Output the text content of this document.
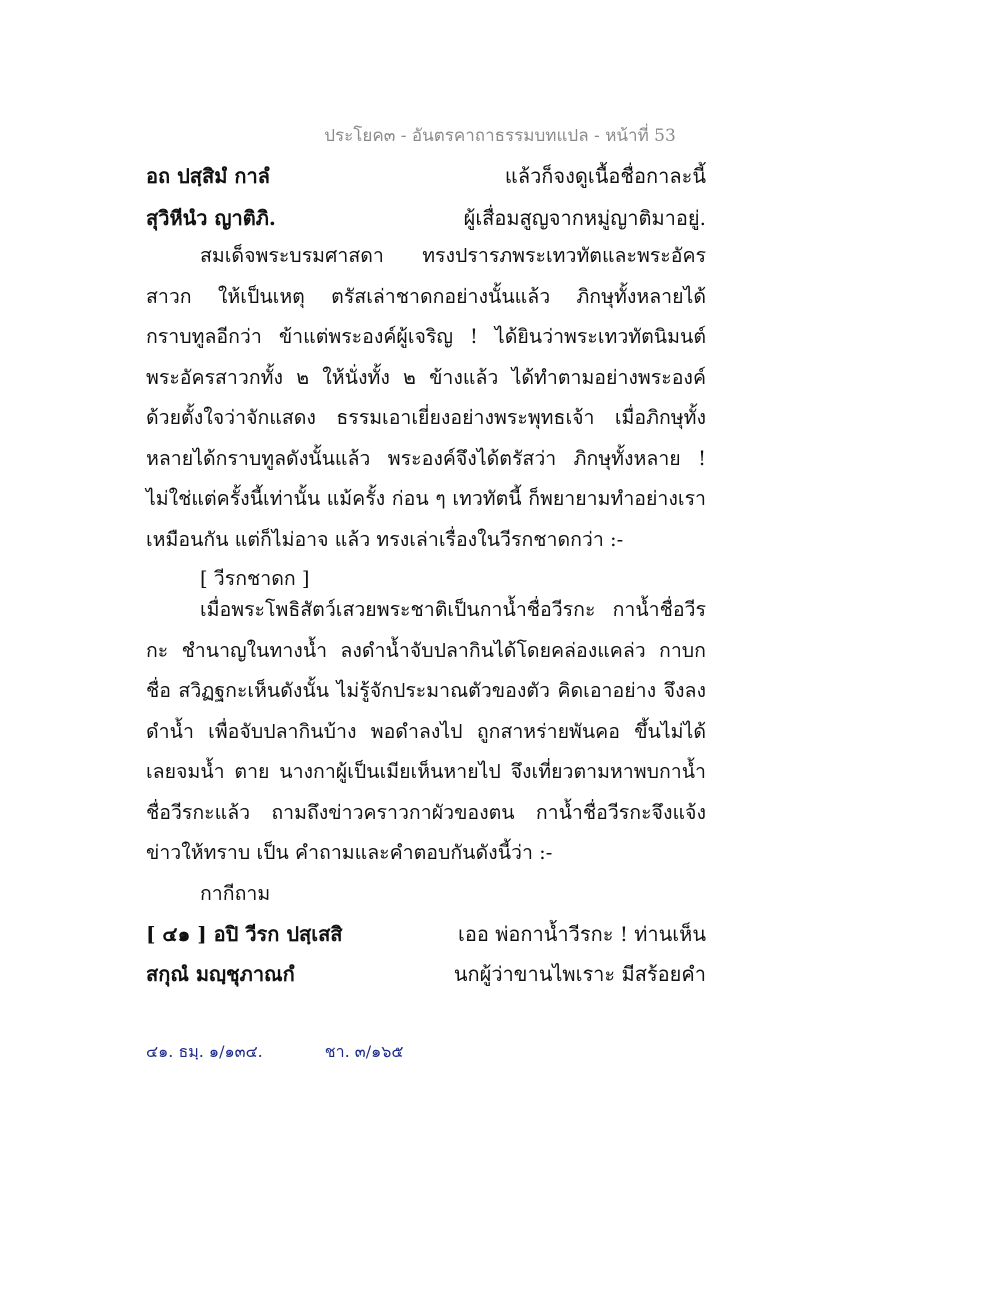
ประโยค๓ - อันตรคาถาธรรมบทแปล - หน้าที่ 53
อถ ปสฺสิมํ กาลํ	แล้วก็จงดูเนื้อชื่อกาละนี้
สุวิหีนํว ญาติภิ.	ผู้เสื่อมสูญจากหมู่ญาติมาอยู่.
สมเด็จพระบรมศาสดา ทรงปรารภพระเทวทัตและพระอัครสาวก ให้เป็นเหตุ ตรัสเล่าชาดกอย่างนั้นแล้ว ภิกษุทั้งหลายได้กราบทูลอีกว่า ข้าแต่พระองค์ผู้เจริญ ! ได้ยินว่าพระเทวทัตนิมนต์พระอัครสาวกทั้ง ๒ ให้นั่งทั้ง ๒ ข้างแล้ว ได้ทำตามอย่างพระองค์ ด้วยตั้งใจว่าจักแสดง ธรรมเอาเยี่ยงอย่างพระพุทธเจ้า เมื่อภิกษุทั้งหลายได้กราบทูลดังนั้นแล้ว พระองค์จึงได้ตรัสว่า ภิกษุทั้งหลาย ! ไม่ใช่แต่ครั้งนี้เท่านั้น แม้ครั้ง ก่อน ๆ เทวทัตนี้ ก็พยายามทำอย่างเราเหมือนกัน แต่ก็ไม่อาจ แล้ว ทรงเล่าเรื่องในวีรกชาดกว่า :-
[ วีรกชาดก ]
เมื่อพระโพธิสัตว์เสวยพระชาติเป็นกาน้ำชื่อวีรกะ กาน้ำชื่อวีรกะ ชำนาญในทางน้ำ ลงดำน้ำจับปลากินได้โดยคล่องแคล่ว กาบกชื่อ สวิฏฐกะเห็นดังนั้น ไม่รู้จักประมาณตัวของตัว คิดเอาอย่าง จึงลงดำน้ำ เพื่อจับปลากินบ้าง พอดำลงไป ถูกสาหร่ายพันคอ ขึ้นไม่ได้ เลยจมน้ำ ตาย นางกาผู้เป็นเมียเห็นหายไป จึงเที่ยวตามหาพบกาน้ำชื่อวีรกะแล้ว ถามถึงข่าวคราวกาผัวของตน กาน้ำชื่อวีรกะจึงแจ้งข่าวให้ทราบ เป็น คำถามและคำตอบกันดังนี้ว่า :-
กากีถาม
[ ๔๑ ] อปิ วีรก ปสฺเสสิ	เออ พ่อกาน้ำวีรกะ ! ท่านเห็น
สกุณํ มญฺชุภาณกํ	นกผู้ว่าขานไพเราะ มีสร้อยคำ
๔๑. ธมฺ. ๑/๑๓๔.	ชา. ๓/๑๖๕
